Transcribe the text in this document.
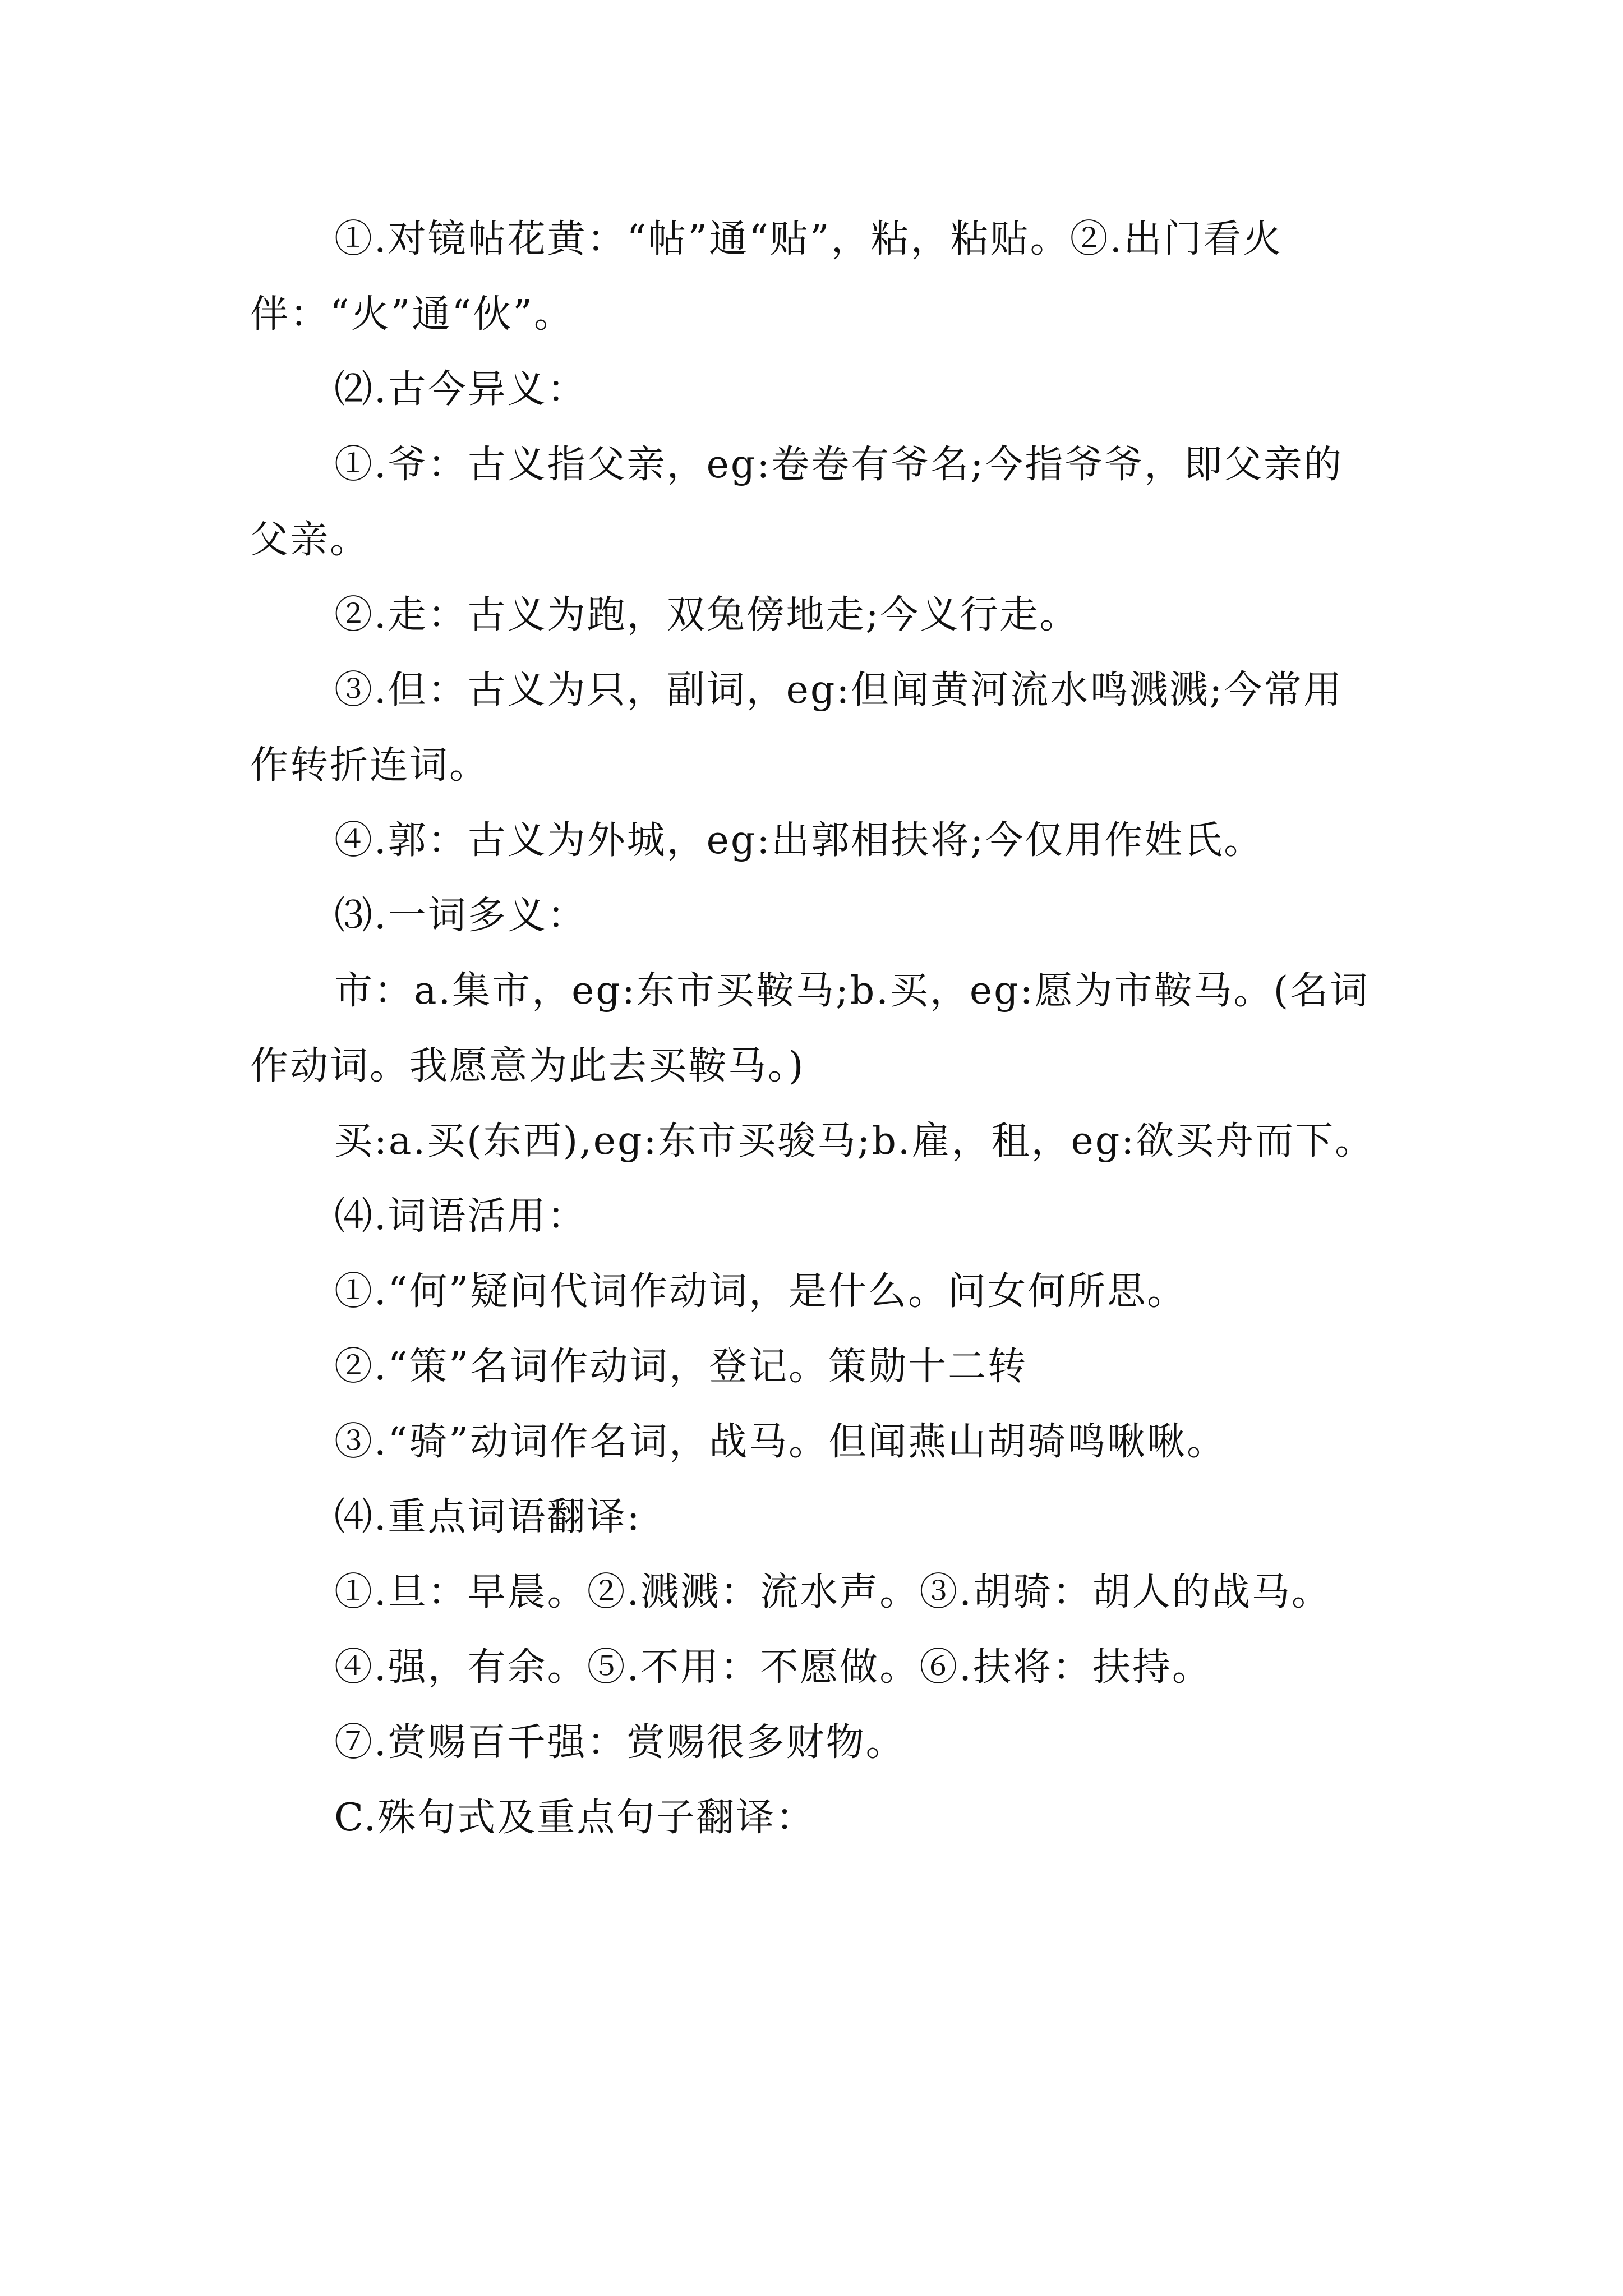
①.对镜帖花黄：“帖”通“贴”，粘，粘贴。②.出门看火伴：“火”通“伙”。

⑵.古今异义：

①.爷：古义指父亲，eg:卷卷有爷名;今指爷爷，即父亲的父亲。

②.走：古义为跑，双兔傍地走;今义行走。

③.但：古义为只，副词，eg:但闻黄河流水鸣溅溅;今常用作转折连词。

④.郭：古义为外城，eg:出郭相扶将;今仅用作姓氏。

⑶.一词多义：

市：a.集市，eg:东市买鞍马;b.买，eg:愿为市鞍马。(名词作动词。我愿意为此去买鞍马。)

买:a.买(东西),eg:东市买骏马;b.雇，租，eg:欲买舟而下。

⑷.词语活用：

①.“何”疑问代词作动词，是什么。问女何所思。

②.“策”名词作动词，登记。策勋十二转

③.“骑”动词作名词，战马。但闻燕山胡骑鸣啾啾。

⑷.重点词语翻译:

①.旦：早晨。②.溅溅：流水声。③.胡骑：胡人的战马。

④.强，有余。⑤.不用：不愿做。⑥.扶将：扶持。

⑦.赏赐百千强：赏赐很多财物。

C.殊句式及重点句子翻译：
